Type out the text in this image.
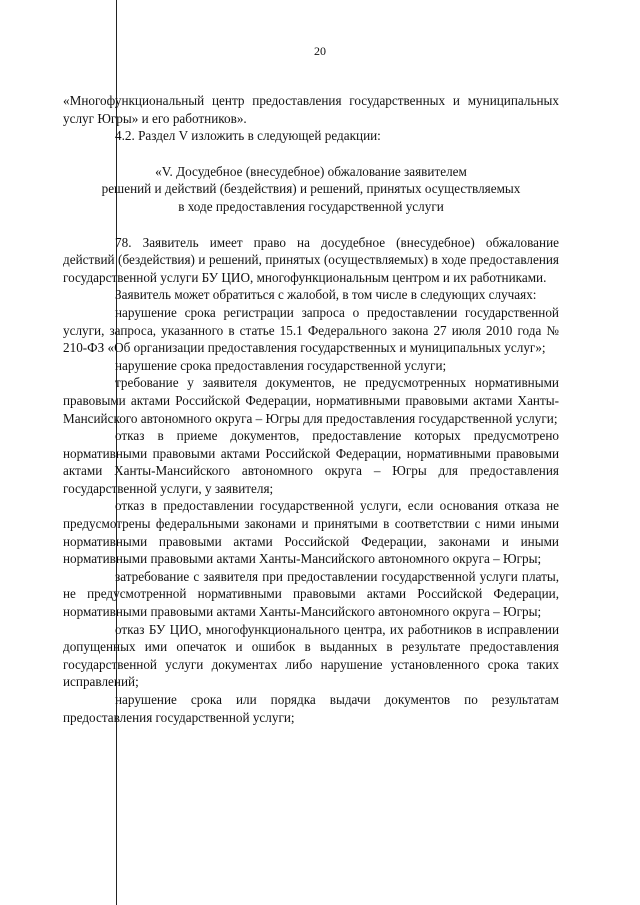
20

«Многофункциональный центр предоставления государственных и муниципальных услуг Югры» и его работников».

4.2. Раздел V изложить в следующей редакции:

«V. Досудебное (внесудебное) обжалование заявителем
решений и действий (бездействия) и решений, принятых осуществляемых
в ходе предоставления государственной услуги

78. Заявитель имеет право на досудебное (внесудебное) обжалование действий (бездействия) и решений, принятых (осуществляемых) в ходе предоставления государственной услуги БУ ЦИО, многофункциональным центром и их работниками.

Заявитель может обратиться с жалобой, в том числе в следующих случаях:

нарушение срока регистрации запроса о предоставлении государственной услуги, запроса, указанного в статье 15.1 Федерального закона 27 июля 2010 года № 210-ФЗ «Об организации предоставления государственных и муниципальных услуг»;

нарушение срока предоставления государственной услуги;

требование у заявителя документов, не предусмотренных нормативными правовыми актами Российской Федерации, нормативными правовыми актами Ханты-Мансийского автономного округа – Югры для предоставления государственной услуги;

отказ в приеме документов, предоставление которых предусмотрено нормативными правовыми актами Российской Федерации, нормативными правовыми актами Ханты-Мансийского автономного округа – Югры для предоставления государственной услуги, у заявителя;

отказ в предоставлении государственной услуги, если основания отказа не предусмотрены федеральными законами и принятыми в соответствии с ними иными нормативными правовыми актами Российской Федерации, законами и иными нормативными правовыми актами Ханты-Мансийского автономного округа – Югры;

затребование с заявителя при предоставлении государственной услуги платы, не предусмотренной нормативными правовыми актами Российской Федерации, нормативными правовыми актами Ханты-Мансийского автономного округа – Югры;

отказ БУ ЦИО, многофункционального центра, их работников в исправлении допущенных ими опечаток и ошибок в выданных в результате предоставления государственной услуги документах либо нарушение установленного срока таких исправлений;

нарушение срока или порядка выдачи документов по результатам предоставления государственной услуги;
